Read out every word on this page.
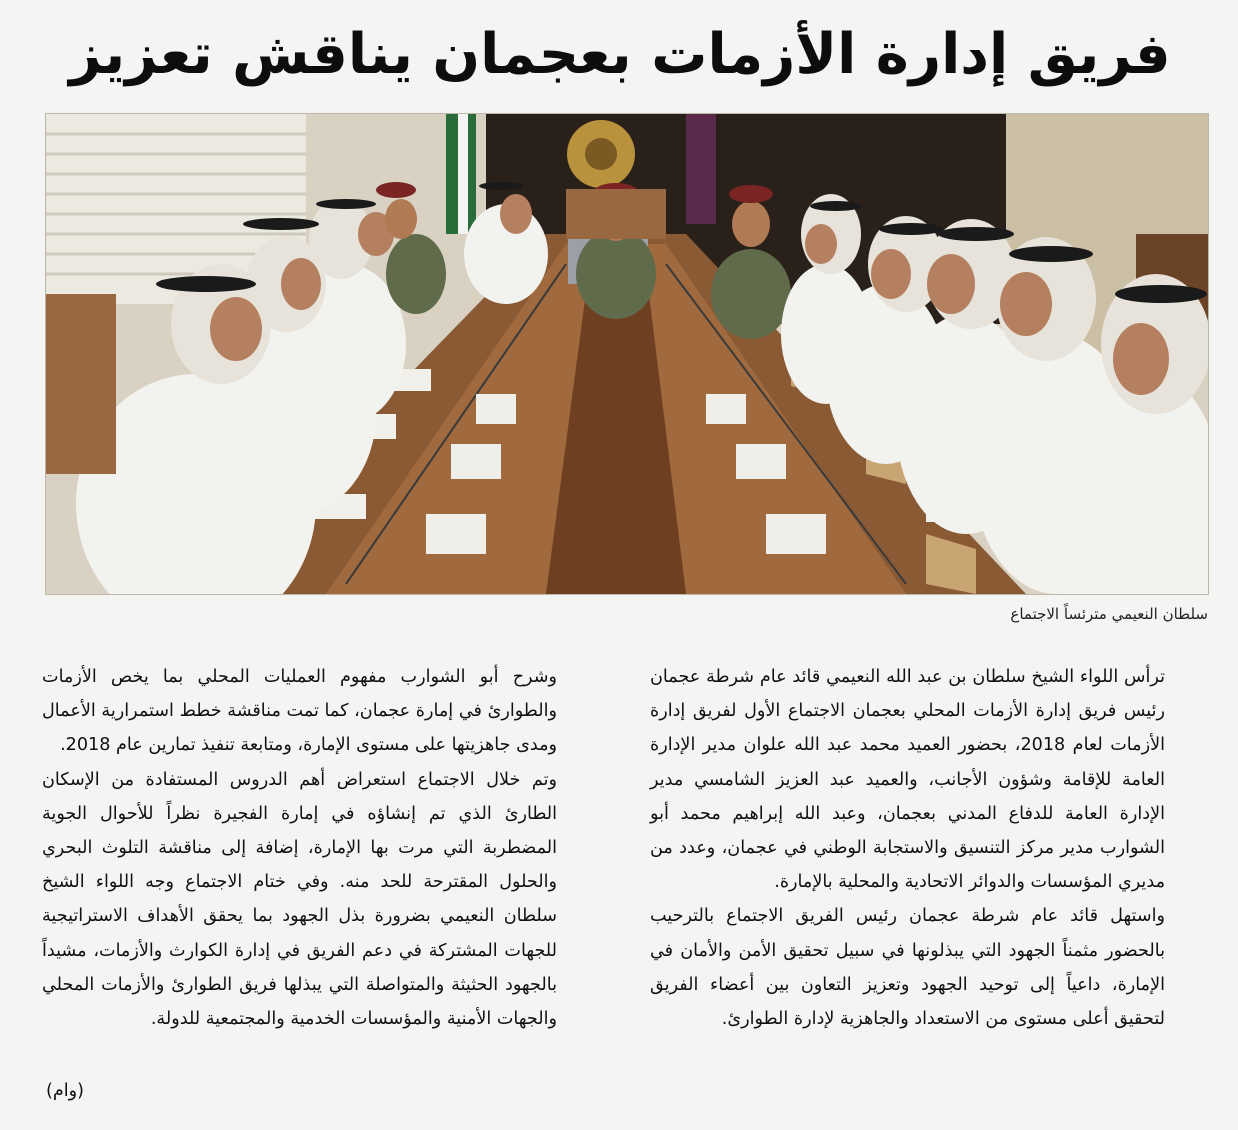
فريق إدارة الأزمات بعجمان يناقش تعزيز
سلطان النعيمي مترئساً الاجتماع

ترأس اللواء الشيخ سلطان بن عبد الله النعيمي قائد عام شرطة عجمان رئيس فريق إدارة الأزمات المحلي بعجمان الاجتماع الأول لفريق إدارة الأزمات لعام 2018، بحضور العميد محمد عبد الله علوان مدير الإدارة العامة للإقامة وشؤون الأجانب، والعميد عبد العزيز الشامسي مدير الإدارة العامة للدفاع المدني بعجمان، وعبد الله إبراهيم محمد أبو الشوارب مدير مركز التنسيق والاستجابة الوطني في عجمان، وعدد من مديري المؤسسات والدوائر الاتحادية والمحلية بالإمارة.

واستهل قائد عام شرطة عجمان رئيس الفريق الاجتماع بالترحيب بالحضور مثمناً الجهود التي يبذلونها في سبيل تحقيق الأمن والأمان في الإمارة، داعياً إلى توحيد الجهود وتعزيز التعاون بين أعضاء الفريق لتحقيق أعلى مستوى من الاستعداد والجاهزية لإدارة الطوارئ.

وشرح أبو الشوارب مفهوم العمليات المحلي بما يخص الأزمات والطوارئ في إمارة عجمان، كما تمت مناقشة خطط استمرارية الأعمال ومدى جاهزيتها على مستوى الإمارة، ومتابعة تنفيذ تمارين عام 2018.

وتم خلال الاجتماع استعراض أهم الدروس المستفادة من الإسكان الطارئ الذي تم إنشاؤه في إمارة الفجيرة نظراً للأحوال الجوية المضطربة التي مرت بها الإمارة، إضافة إلى مناقشة التلوث البحري والحلول المقترحة للحد منه. وفي ختام الاجتماع وجه اللواء الشيخ سلطان النعيمي بضرورة بذل الجهود بما يحقق الأهداف الاستراتيجية للجهات المشتركة في دعم الفريق في إدارة الكوارث والأزمات، مشيداً بالجهود الحثيثة والمتواصلة التي يبذلها فريق الطوارئ والأزمات المحلي والجهات الأمنية والمؤسسات الخدمية والمجتمعية للدولة.

(وام)
